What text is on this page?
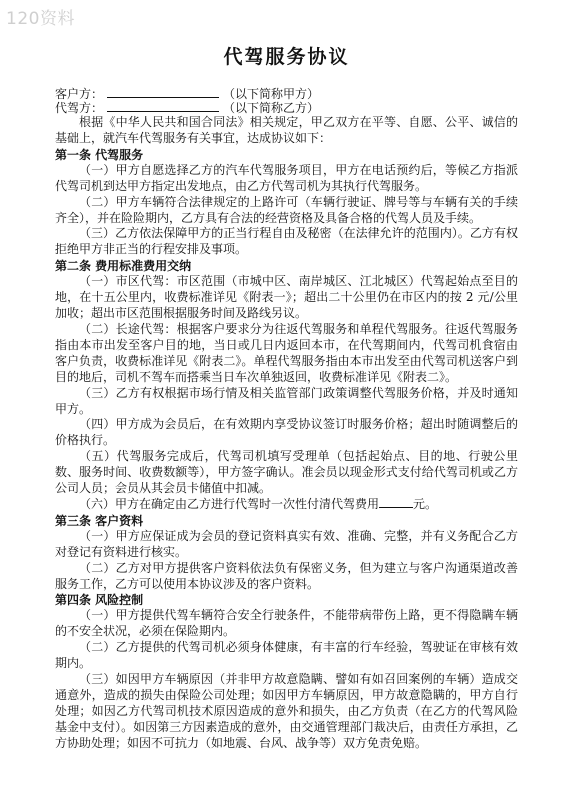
120资料
代驾服务协议
客户方：	（以下简称甲方）
代驾方：	（以下简称乙方）

根据《中华人民共和国合同法》相关规定，甲乙双方在平等、自愿、公平、诚信的基础上，就汽车代驾服务有关事宜，达成协议如下：

第一条 代驾服务

（一）甲方自愿选择乙方的汽车代驾服务项目，甲方在电话预约后，等候乙方指派代驾司机到达甲方指定出发地点，由乙方代驾司机为其执行代驾服务。

（二）甲方车辆符合法律规定的上路许可（车辆行驶证、牌号等与车辆有关的手续齐全），并在险险期内，乙方具有合法的经营资格及具备合格的代驾人员及手续。

（三）乙方依法保障甲方的正当行程自由及秘密（在法律允许的范围内）。乙方有权拒绝甲方非正当的行程安排及事项。

第二条 费用标准费用交纳

（一）市区代驾：市区范围（市城中区、南岸城区、江北城区）代驾起始点至目的地，在十五公里内，收费标准详见《附表一》；超出二十公里仍在市区内的按 2 元/公里加收；超出市区范围根据服务时间及路线另议。

（二）长途代驾：根据客户要求分为往返代驾服务和单程代驾服务。往返代驾服务指由本市出发至客户目的地，当日或几日内返回本市，在代驾期间内，代驾司机食宿由客户负责，收费标准详见《附表二》。单程代驾服务指由本市出发至由代驾司机送客户到目的地后，司机不驾车而搭乘当日车次单独返回，收费标准详见《附表二》。

（三）乙方有权根据市场行情及相关监管部门政策调整代驾服务价格，并及时通知甲方。

（四）甲方成为会员后，在有效期内享受协议签订时服务价格；超出时随调整后的价格执行。

（五）代驾服务完成后，代驾司机填写受理单（包括起始点、目的地、行驶公里数、服务时间、收费数额等），甲方签字确认。准会员以现金形式支付给代驾司机或乙方公司人员；会员从其会员卡储值中扣减。

（六）甲方在确定由乙方进行代驾时一次性付清代驾费用	元。

第三条 客户资料

（一）甲方应保证成为会员的登记资料真实有效、准确、完整，并有义务配合乙方对登记有资料进行核实。

（二）乙方对甲方提供客户资料依法负有保密义务，但为建立与客户沟通渠道改善服务工作，乙方可以使用本协议涉及的客户资料。

第四条 风险控制

（一）甲方提供代驾车辆符合安全行驶条件，不能带病带伤上路，更不得隐瞒车辆的不安全状况，必须在保险期内。

（二）乙方提供的代驾司机必须身体健康，有丰富的行车经验，驾驶证在审核有效期内。

（三）如因甲方车辆原因（并非甲方故意隐瞒、譬如有如召回案例的车辆）造成交通意外，造成的损失由保险公司处理；如因甲方车辆原因，甲方故意隐瞒的，甲方自行处理；如因乙方代驾司机技术原因造成的意外和损失，由乙方负责（在乙方的代驾风险基金中支付）。如因第三方因素造成的意外，由交通管理部门裁决后，由责任方承担，乙方协助处理；如因不可抗力（如地震、台风、战争等）双方免责免赔。
